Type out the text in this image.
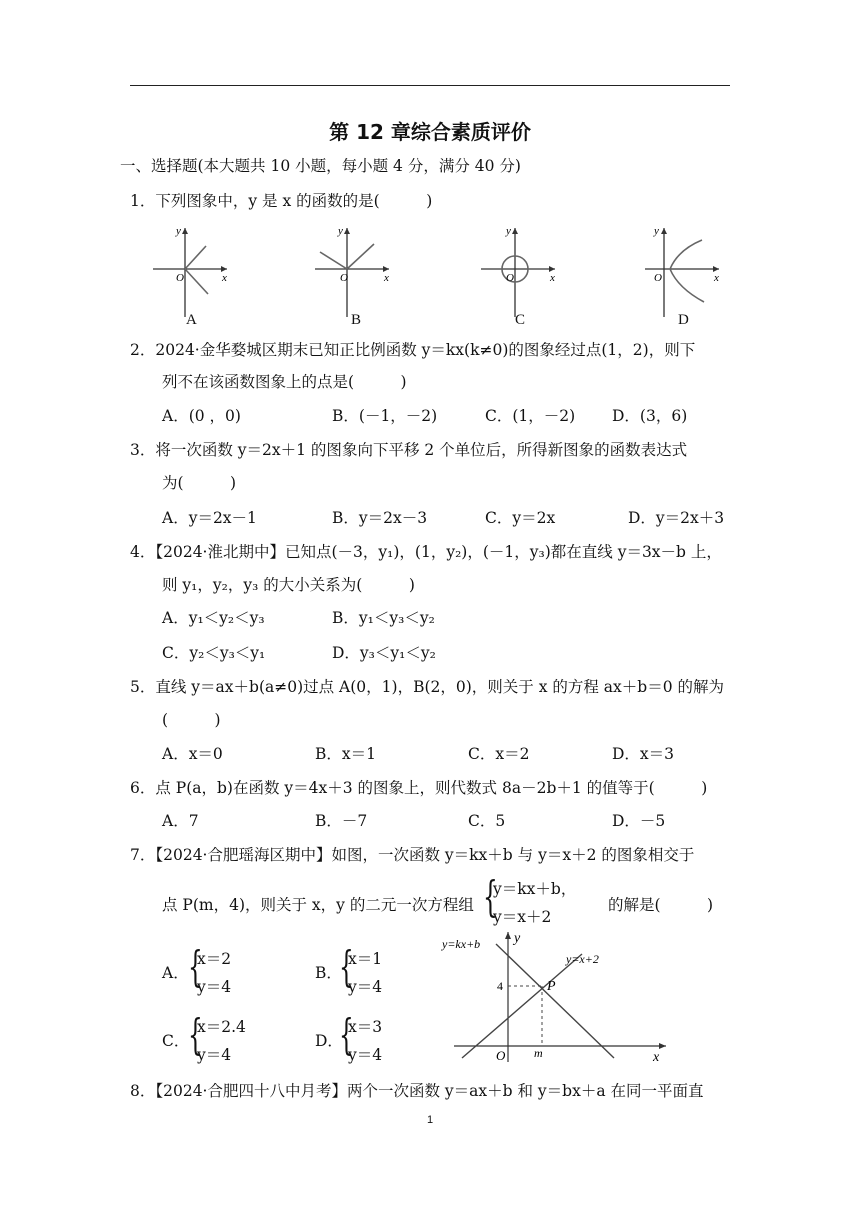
第 12 章综合素质评价
一、选择题(本大题共 10 小题，每小题 4 分，满分 40 分)
1．下列图象中，y 是 x 的函数的是(　　　)
y
x
O
A
y
x
O
B
y
x
O
C
y
x
O
D
2．2024·金华婺城区期末已知正比例函数 y＝kx(k≠0)的图象经过点(1，2)，则下
列不在该函数图象上的点是(　　　)
A．(0 ，0)	B．(－1，－2)	C．(1，－2) D．(3，6)
3．将一次函数 y＝2x＋1 的图象向下平移 2 个单位后，所得新图象的函数表达式
为(　　　)
A．y＝2x－1	B．y＝2x－3	C．y＝2x	D．y＝2x＋3
4．【2024·淮北期中】已知点(－3，y₁)，(1，y₂)，(－1，y₃)都在直线 y＝3x－b 上，
则 y₁，y₂，y₃ 的大小关系为(　　　)
A．y₁＜y₂＜y₃	B．y₁＜y₃＜y₂
C．y₂＜y₃＜y₁	D．y₃＜y₁＜y₂
5．直线 y＝ax＋b(a≠0)过点 A(0，1)，B(2，0)，则关于 x 的方程 ax＋b＝0 的解为
(　　　)
A．x＝0	B．x＝1	C．x＝2	D．x＝3
6．点 P(a，b)在函数 y＝4x＋3 的图象上，则代数式 8a－2b＋1 的值等于(　　　)
A．7	B．－7	C．5	D．－5
7．【2024·合肥瑶海区期中】如图，一次函数 y＝kx＋b 与 y＝x＋2 的图象相交于
点 P(m，4)，则关于 x，y 的二元一次方程组 {
y＝kx＋b，
y＝x＋2
的解是(　　　)
A． {
x＝2
y＝4
B．
{
x＝1
y＝4
C．
{
x＝2.4
y＝4
D．
{
x＝3
y＝4
y=kx+b
y=x+2
P
4
m
O	x
y
8．【2024·合肥四十八中月考】两个一次函数 y＝ax＋b 和 y＝bx＋a 在同一平面直
1
